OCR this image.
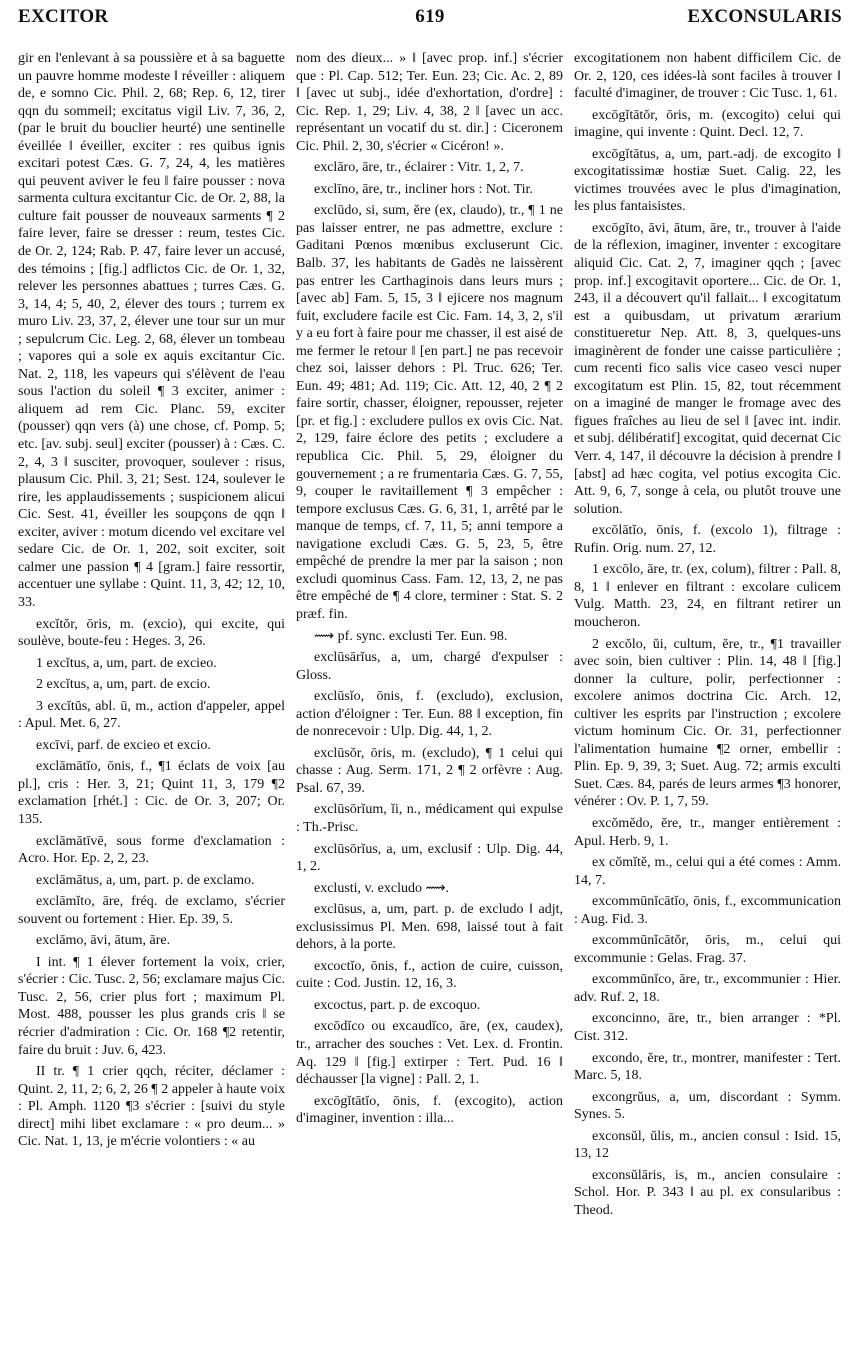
EXCITOR	619	EXCONSULARIS

gir en l'enlevant à sa poussière et à sa baguette un pauvre homme modeste ‖ réveiller : aliquem de, e somno Cic. Phil. 2, 68; Rep. 6, 12, tirer qqn du sommeil; excitatus vigil Liv. 7, 36, 2, (par le bruit du bouclier heurté) une sentinelle éveillée ‖ éveiller, exciter : res quibus ignis excitari potest Cæs. G. 7, 24, 4, les matières qui peuvent aviver le feu ‖ faire pousser : nova sarmenta cultura excitantur Cic. de Or. 2, 88, la culture fait pousser de nouveaux sarments ¶ 2 faire lever, faire se dresser : reum, testes Cic. de Or. 2, 124; Rab. P. 47, faire lever un accusé, des témoins ; [fig.] adflictos Cic. de Or. 1, 32, relever les personnes abattues ; turres Cæs. G. 3, 14, 4; 5, 40, 2, élever des tours ; turrem ex muro Liv. 23, 37, 2, élever une tour sur un mur ; sepulcrum Cic. Leg. 2, 68, élever un tombeau ; vapores qui a sole ex aquis excitantur Cic. Nat. 2, 118, les vapeurs qui s'élèvent de l'eau sous l'action du soleil ¶ 3 exciter, animer : aliquem ad rem Cic. Planc. 59, exciter (pousser) qqn vers (à) une chose, cf. Pomp. 5; etc. [av. subj. seul] exciter (pousser) à : Cæs. C. 2, 4, 3 ‖ susciter, provoquer, soulever : risus, plausum Cic. Phil. 3, 21; Sest. 124, soulever le rire, les applaudissements ; suspicionem alicui Cic. Sest. 41, éveiller les soupçons de qqn ‖ exciter, aviver : motum dicendo vel excitare vel sedare Cic. de Or. 1, 202, soit exciter, soit calmer une passion ¶ 4 [gram.] faire ressortir, accentuer une syllabe : Quint. 11, 3, 42; 12, 10, 33.

excĭtŏr, ōris, m. (excio), qui excite, qui soulève, boute-feu : Heges. 3, 26.

1 excĭtus, a, um, part. de excieo.

2 excĭtus, a, um, part. de excio.

3 excĭtŭs, abl. ū, m., action d'appeler, appel : Apul. Met. 6, 27.

excīvi, parf. de excieo et excio.

exclāmātĭo, ōnis, f., ¶1 éclats de voix [au pl.], cris : Her. 3, 21; Quint 11, 3, 179 ¶2 exclamation [rhét.] : Cic. de Or. 3, 207; Or. 135.

exclāmātīvē, sous forme d'exclamation : Acro. Hor. Ep. 2, 2, 23.

exclāmātus, a, um, part. p. de exclamo.

exclāmĭto, āre, fréq. de exclamo, s'écrier souvent ou fortement : Hier. Ep. 39, 5.

exclāmo, āvi, ātum, āre.

I int. ¶ 1 élever fortement la voix, crier, s'écrier : Cic. Tusc. 2, 56; exclamare majus Cic. Tusc. 2, 56, crier plus fort ; maximum Pl. Most. 488, pousser les plus grands cris ‖ se récrier d'admiration : Cic. Or. 168 ¶2 retentir, faire du bruit : Juv. 6, 423.

II tr. ¶ 1 crier qqch, réciter, déclamer : Quint. 2, 11, 2; 6, 2, 26 ¶ 2 appeler à haute voix : Pl. Amph. 1120 ¶3 s'écrier : [suivi du style direct] mihi libet exclamare : « pro deum... » Cic. Nat. 1, 13, je m'écrie volontiers : « au

nom des dieux... » ‖ [avec prop. inf.] s'écrier que : Pl. Cap. 512; Ter. Eun. 23; Cic. Ac. 2, 89 ‖ [avec ut subj., idée d'exhortation, d'ordre] : Cic. Rep. 1, 29; Liv. 4, 38, 2 ‖ [avec un acc. représentant un vocatif du st. dir.] : Ciceronem Cic. Phil. 2, 30, s'écrier « Cicéron! ».

exclāro, āre, tr., éclairer : Vitr. 1, 2, 7.

exclīno, āre, tr., incliner hors : Not. Tir.

exclūdo, si, sum, ĕre (ex, claudo), tr., ¶ 1 ne pas laisser entrer, ne pas admettre, exclure : Gaditani Pœnos mœnibus excluserunt Cic. Balb. 37, les habitants de Gadès ne laissèrent pas entrer les Carthaginois dans leurs murs ; [avec ab] Fam. 5, 15, 3 ‖ ejicere nos magnum fuit, excludere facile est Cic. Fam. 14, 3, 2, s'il y a eu fort à faire pour me chasser, il est aisé de me fermer le retour ‖ [en part.] ne pas recevoir chez soi, laisser dehors : Pl. Truc. 626; Ter. Eun. 49; 481; Ad. 119; Cic. Att. 12, 40, 2 ¶ 2 faire sortir, chasser, éloigner, repousser, rejeter [pr. et fig.] : excludere pullos ex ovis Cic. Nat. 2, 129, faire éclore des petits ; excludere a republica Cic. Phil. 5, 29, éloigner du gouvernement ; a re frumentaria Cæs. G. 7, 55, 9, couper le ravitaillement ¶ 3 empêcher : tempore exclusus Cæs. G. 6, 31, 1, arrêté par le manque de temps, cf. 7, 11, 5; anni tempore a navigatione excludi Cæs. G. 5, 23, 5, être empêché de prendre la mer par la saison ; non excludi quominus Cass. Fam. 12, 13, 2, ne pas être empêché de ¶ 4 clore, terminer : Stat. S. 2 præf. fin.

⟿ pf. sync. exclusti Ter. Eun. 98.

exclūsārĭus, a, um, chargé d'expulser : Gloss.

exclūsĭo, ōnis, f. (excludo), exclusion, action d'éloigner : Ter. Eun. 88 ‖ exception, fin de nonrecevoir : Ulp. Dig. 44, 1, 2.

exclūsŏr, ōris, m. (excludo), ¶ 1 celui qui chasse : Aug. Serm. 171, 2 ¶ 2 orfèvre : Aug. Psal. 67, 39.

exclūsōrĭum, ĭi, n., médicament qui expulse : Th.-Prisc.

exclūsōrĭus, a, um, exclusif : Ulp. Dig. 44, 1, 2.

exclusti, v. excludo ⟿.

exclūsus, a, um, part. p. de excludo ‖ adjt, exclusissimus Pl. Men. 698, laissé tout à fait dehors, à la porte.

excoctĭo, ōnis, f., action de cuire, cuisson, cuite : Cod. Justin. 12, 16, 3.

excoctus, part. p. de excoquo.

excōdĭco ou excaudĭco, āre, (ex, caudex), tr., arracher des souches : Vet. Lex. d. Frontin. Aq. 129 ‖ [fig.] extirper : Tert. Pud. 16 ‖ déchausser [la vigne] : Pall. 2, 1.

excōgĭtātĭo, ōnis, f. (excogito), action d'imaginer, invention : illa...

excogitationem non habent difficilem Cic. de Or. 2, 120, ces idées-là sont faciles à trouver ‖ faculté d'imaginer, de trouver : Cic Tusc. 1, 61.

excōgĭtātŏr, ōris, m. (excogito) celui qui imagine, qui invente : Quint. Decl. 12, 7.

excōgĭtātus, a, um, part.-adj. de excogito ‖ excogitatissimæ hostiæ Suet. Calig. 22, les victimes trouvées avec le plus d'imagination, les plus fantaisistes.

excōgĭto, āvi, ātum, āre, tr., trouver à l'aide de la réflexion, imaginer, inventer : excogitare aliquid Cic. Cat. 2, 7, imaginer qqch ; [avec prop. inf.] excogitavit oportere... Cic. de Or. 1, 243, il a découvert qu'il fallait... ‖ excogitatum est a quibusdam, ut privatum ærarium constitueretur Nep. Att. 8, 3, quelques-uns imaginèrent de fonder une caisse particulière ; cum recenti fico salis vice caseo vesci nuper excogitatum est Plin. 15, 82, tout récemment on a imaginé de manger le fromage avec des figues fraîches au lieu de sel ‖ [avec int. indir. et subj. délibératif] excogitat, quid decernat Cic Verr. 4, 147, il découvre la décision à prendre ‖ [abst] ad hæc cogita, vel potius excogita Cic. Att. 9, 6, 7, songe à cela, ou plutôt trouve une solution.

excōlātĭo, ōnis, f. (excolo 1), filtrage : Rufin. Orig. num. 27, 12.

1 excōlo, āre, tr. (ex, colum), filtrer : Pall. 8, 8, 1 ‖ enlever en filtrant : excolare culicem Vulg. Matth. 23, 24, en filtrant retirer un moucheron.

2 excŏlo, ŭi, cultum, ĕre, tr., ¶1 travailler avec soin, bien cultiver : Plin. 14, 48 ‖ [fig.] donner la culture, polir, perfectionner : excolere animos doctrina Cic. Arch. 12, cultiver les esprits par l'instruction ; excolere victum hominum Cic. Or. 31, perfectionner l'alimentation humaine ¶2 orner, embellir : Plin. Ep. 9, 39, 3; Suet. Aug. 72; armis exculti Suet. Cæs. 84, parés de leurs armes ¶3 honorer, vénérer : Ov. P. 1, 7, 59.

excŏmĕdo, ĕre, tr., manger entièrement : Apul. Herb. 9, 1.

ex cŏmĭtĕ, m., celui qui a été comes : Amm. 14, 7.

excommūnĭcātĭo, ōnis, f., excommunication : Aug. Fid. 3.

excommūnĭcātŏr, ōris, m., celui qui excommunie : Gelas. Frag. 37.

excommūnĭco, āre, tr., excommunier : Hier. adv. Ruf. 2, 18.

exconcinno, āre, tr., bien arranger : *Pl. Cist. 312.

excondo, ĕre, tr., montrer, manifester : Tert. Marc. 5, 18.

excongrŭus, a, um, discordant : Symm. Synes. 5.

exconsŭl, ŭlis, m., ancien consul : Isid. 15, 13, 12

exconsŭlāris, is, m., ancien consulaire : Schol. Hor. P. 343 ‖ au pl. ex consularibus : Theod.
